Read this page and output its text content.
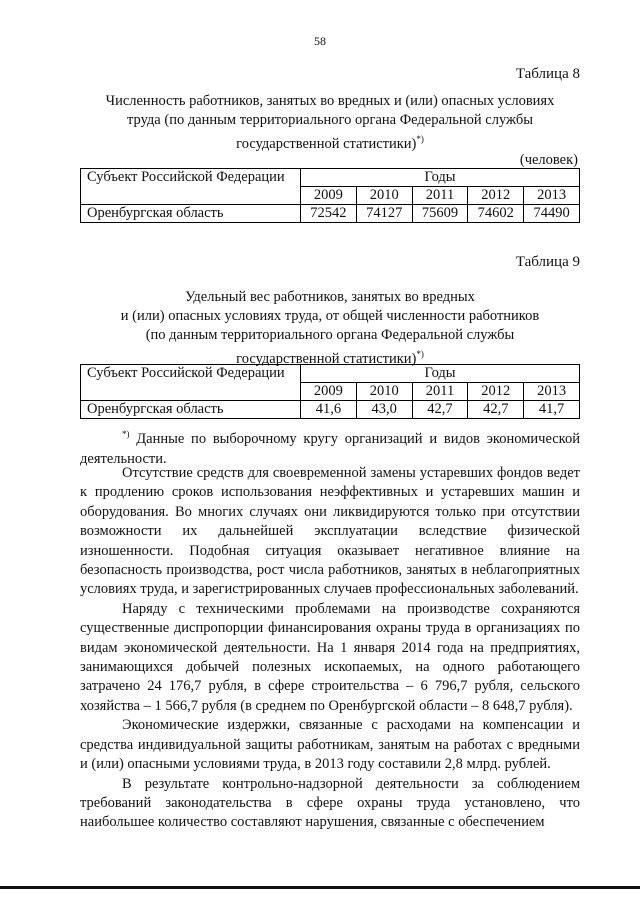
58
Таблица 8
Численность работников, занятых во вредных и (или) опасных условиях
труда (по данным территориального органа Федеральной службы
государственной статистики)*)
(человек)
Субъект Российской Федерации	Годы				
	2009	2010	2011	2012	2013
Оренбургская область	72542	74127	75609	74602	74490
Таблица 9
Удельный вес работников, занятых во вредных
и (или) опасных условиях труда, от общей численности работников
(по данным территориального органа Федеральной службы
государственной статистики)*)
Субъект Российской Федерации	Годы				
	2009	2010	2011	2012	2013
Оренбургская область	41,6	43,0	42,7	42,7	41,7
*) Данные по выборочному кругу организаций и видов экономической деятельности.

Отсутствие средств для своевременной замены устаревших фондов ведет к продлению сроков использования неэффективных и устаревших машин и оборудования. Во многих случаях они ликвидируются только при отсутствии возможности их дальнейшей эксплуатации вследствие физической изношенности. Подобная ситуация оказывает негативное влияние на безопасность производства, рост числа работников, занятых в неблагоприятных условиях труда, и зарегистрированных случаев профессиональных заболеваний.

Наряду с техническими проблемами на производстве сохраняются существенные диспропорции финансирования охраны труда в организациях по видам экономической деятельности. На 1 января 2014 года на предприятиях, занимающихся добычей полезных ископаемых, на одного работающего затрачено 24 176,7 рубля, в сфере строительства – 6 796,7 рубля, сельского хозяйства – 1 566,7 рубля (в среднем по Оренбургской области – 8 648,7 рубля).

Экономические издержки, связанные с расходами на компенсации и средства индивидуальной защиты работникам, занятым на работах с вредными и (или) опасными условиями труда, в 2013 году составили 2,8 млрд. рублей.

В результате контрольно-надзорной деятельности за соблюдением требований законодательства в сфере охраны труда установлено, что наибольшее количество составляют нарушения, связанные с обеспечением
